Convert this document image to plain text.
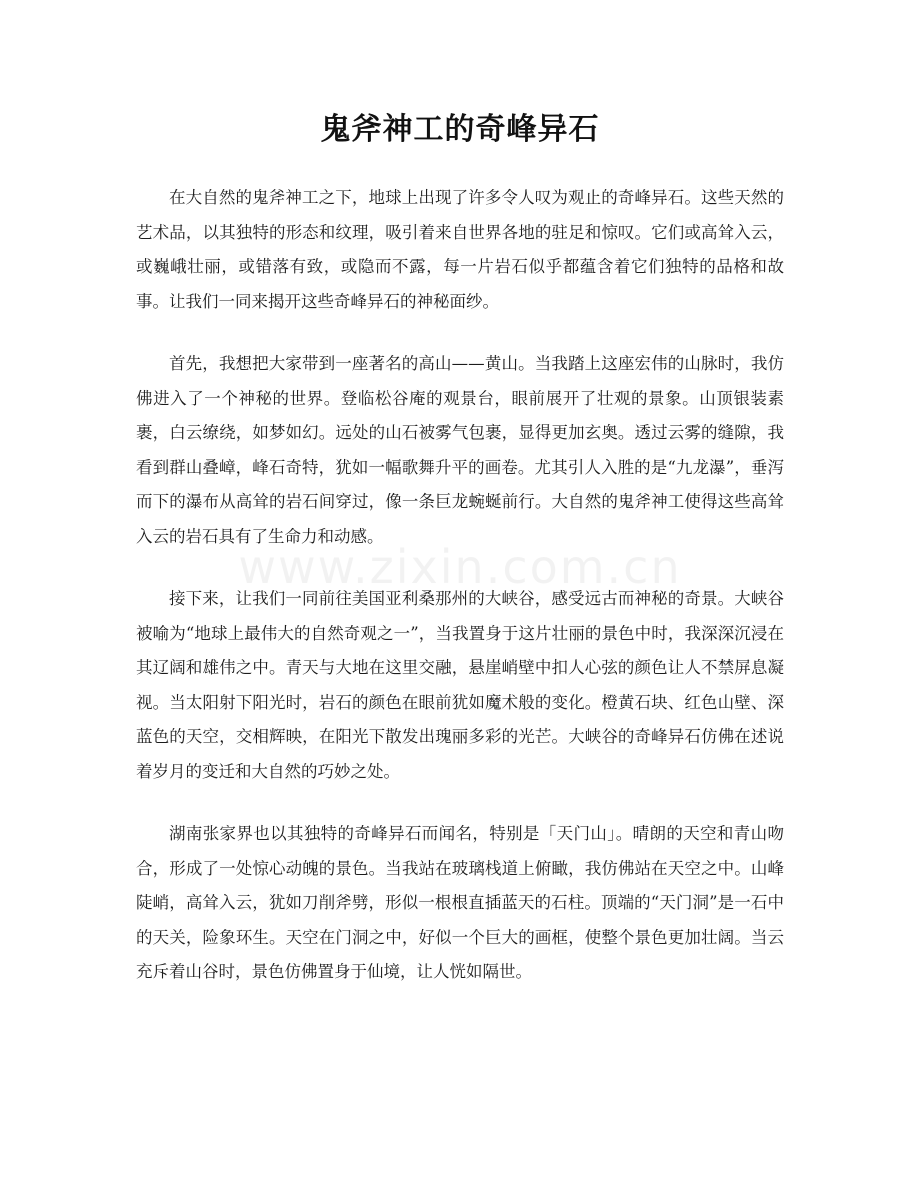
鬼斧神工的奇峰异石

在大自然的鬼斧神工之下，地球上出现了许多令人叹为观止的奇峰异石。这些天然的艺术品，以其独特的形态和纹理，吸引着来自世界各地的驻足和惊叹。它们或高耸入云，或巍峨壮丽，或错落有致，或隐而不露，每一片岩石似乎都蕴含着它们独特的品格和故事。让我们一同来揭开这些奇峰异石的神秘面纱。

首先，我想把大家带到一座著名的高山——黄山。当我踏上这座宏伟的山脉时，我仿佛进入了一个神秘的世界。登临松谷庵的观景台，眼前展开了壮观的景象。山顶银装素裹，白云缭绕，如梦如幻。远处的山石被雾气包裹，显得更加玄奥。透过云雾的缝隙，我看到群山叠嶂，峰石奇特，犹如一幅歌舞升平的画卷。尤其引人入胜的是“九龙瀑”，垂泻而下的瀑布从高耸的岩石间穿过，像一条巨龙蜿蜒前行。大自然的鬼斧神工使得这些高耸入云的岩石具有了生命力和动感。

接下来，让我们一同前往美国亚利桑那州的大峡谷，感受远古而神秘的奇景。大峡谷被喻为“地球上最伟大的自然奇观之一”，当我置身于这片壮丽的景色中时，我深深沉浸在其辽阔和雄伟之中。青天与大地在这里交融，悬崖峭壁中扣人心弦的颜色让人不禁屏息凝视。当太阳射下阳光时，岩石的颜色在眼前犹如魔术般的变化。橙黄石块、红色山壁、深蓝色的天空，交相辉映，在阳光下散发出瑰丽多彩的光芒。大峡谷的奇峰异石仿佛在述说着岁月的变迁和大自然的巧妙之处。

湖南张家界也以其独特的奇峰异石而闻名，特别是「天门山」。晴朗的天空和青山吻合，形成了一处惊心动魄的景色。当我站在玻璃栈道上俯瞰，我仿佛站在天空之中。山峰陡峭，高耸入云，犹如刀削斧劈，形似一根根直插蓝天的石柱。顶端的“天门洞”是一石中的天关，险象环生。天空在门洞之中，好似一个巨大的画框，使整个景色更加壮阔。当云充斥着山谷时，景色仿佛置身于仙境，让人恍如隔世。

www.zixin.com.cn
